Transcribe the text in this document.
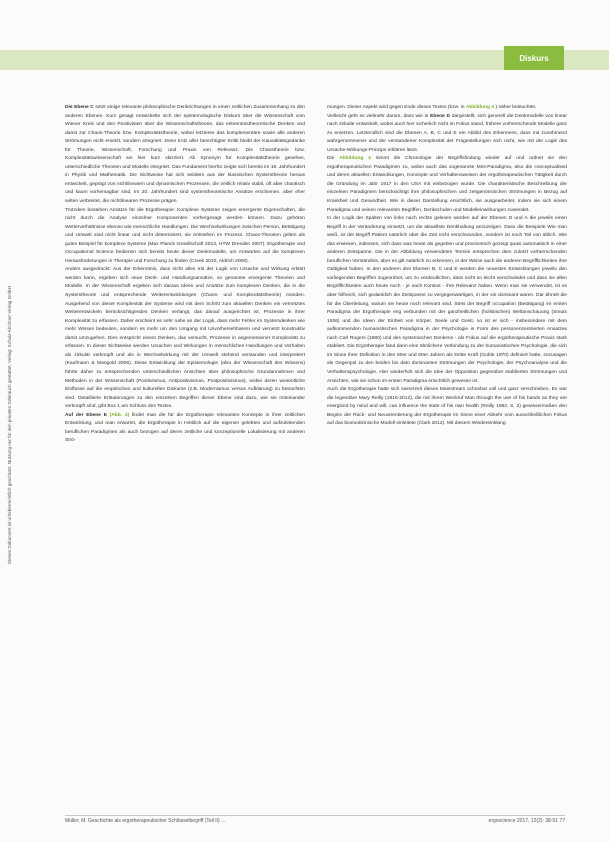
Diskurs
Dieses Dokument ist urheberrechtlich geschützt. Nutzung nur für den privaten Gebrauch gestattet. Verlag: Schulz-Kirchner Verlag GmbH

Die Ebene C setzt einige relevante philosophische Denkrichtungen in einen zeitlichen Zusammenhang zu den anderen Ebenen. Kurz gesagt entwickelte sich der epistemologische Diskurs über die Wissenschaft vom Wiener Kreis und den Positivisten über die Wissenschaftstheorie, das erkenntnistheoretische Denken und damit zur Chaos-Theorie bzw. Komplexitätstheorie, wobei letzteres das komplementäre sowie alle anderen Strömungen nicht ersetzt, sondern integriert. Denn trotz aller berechtigter Kritik bleibt der Kausalitätsgedanke für Theorie, Wissenschaft, Forschung und Praxis von Relevanz. Die Chaostheorie bzw. Komplexitätswissenschaft sei hier kurz skizziert. Ab Synonym für Komplexitätstheorie gesehen, unterschiedliche Theorien und Modelle integriert. Das Fundament hierfür zeigte sich bereits im 19. Jahrhundert in Physik und Mathematik. Die Sichtweise hat sich seitdem aus der klassischen Systemtheorie heraus entwickelt, geprägt von nichtlinearen und dynamischen Prozessen, die zeitlich relativ stabil, oft aber chaotisch und kaum vorhersagbar sind. Im 20. Jahrhundert sind systemtheoretische Ansätze erschienen, aber eher selten verbreitet, die nichtlinearen Prozesse prägen.

Trotzdem bestehen Ansätze für die Ergotherapie: Komplexe Systeme zeigen emergente Eigenschaften, die nicht durch die Analyse einzelner Komponenten vorhergesagt werden können. Dazu gehören Wetterverhältnisse ebenso wie menschliche Handlungen. Die Wechselwirkungen zwischen Person, Betätigung und Umwelt sind nicht linear und nicht determiniert, sie entstehen im Prozess. Chaos-Theorien gelten als gutes Beispiel für komplexe Systeme (Max Planck Gesellschaft 2013, HTW Dresden 2007). Ergotherapie und Occupational Science bedienen sich bereits heute dieser Denkmodelle, um Antworten auf die komplexen Herausforderungen in Therapie und Forschung zu finden (Creek 2010, Aldrich 2008).

Anders ausgedrückt: Aus der Erkenntnis, dass nicht alles mit der Logik von Ursache und Wirkung erklärt werden kann, ergeben sich neue Denk- und Handlungsansätze, so genannte emergente Theorien und Modelle. In der Wissenschaft ergeben sich daraus Ideen und Ansätze zum komplexen Denken, die in die Systemtheorie und entsprechende Weiterentwicklungen (Chaos- und Komplexitätstheorie) münden. Ausgehend von dieser Komplexität der Systeme wird mit dem Schritt zum aktuellen Denken ein vernetztes Weiterentwickeln berücksichtigendes Denken verlangt, das darauf ausgerichtet ist, Prozesse in ihrer Komplexität zu erfassen. Daher erscheint es sehr nahe an der Logik, dass mehr Fehler im Systemdenken wie mehr Wissen bedeuten, sondern es mehr um den Umgang mit Unvorhersehbarem und vernetzt konstruktiv damit umzugehen. Dies entspricht einem Denken, das versucht, Prozesse in angemessener Komplexität zu erfassen. In dieser Sichtweise werden Ursachen und Wirkungen in menschlichen Handlungen und Verhalten als zirkulär verknüpft und als in Wechselwirkung mit der Umwelt stehend verstanden und interpretiert (Kaufmann & Mangold 2006). Diese Entwicklung der Epistemologie (also der Wissenschaft des Wissens) führte daher zu entsprechenden unterschiedlichen Ansichten über philosophische Grundannahmen und Methoden in der Wissenschaft (Positivismus, Antipositivismus, Postpositivismus), wobei deren wesentliche Einflüsse auf die empirischen und kulturellen Diskurse (z.B. Modernismus versus Aufklärung) zu betrachten sind. Detaillierte Erläuterungen zu den einzelnen Begriffen dieser Ebene sind dazu, wie sie miteinander verknüpft sind, gibt Box 1 am Schluss des Textes.

Auf der Ebene E (Abb. 4) findet man die für die Ergotherapie relevanten Konzepte in ihrer zeitlichen Entwicklung, und man erwartet, die Ergotherapie in Hinblick auf die eigenen gelebten und aufzuleitenden beruflichen Paradigmen als auch bezogen auf deren zeitliche und konzeptionelle Lokalisierung mit anderen Strö-

mungen. Dieser Aspekt wird gegen Ende dieses Textes (bzw. in Abbildung 4 ) näher beleuchtet.

Vielleicht geht es vielmehr darum, dass wie in Ebene D dargestellt, sich generell die Denkmodelle von linear nach zirkulär entwickelt, wobei auch hier sicherlich nicht im Fokus stand, frühere vorherrschende Modelle ganz zu ersetzen. Letztendlich sind die Ebenen A, B, C und E ein Abbild des Erkennens, dass mit zunehmend wahrgenommener und der verstandener Komplexität der Fragestellungen sich nicht, wie mit der Logik des Ursache-Wirkungs-Prinzips erklären lässt.

Die Abbildung 4 nimmt die Chronologie der Begriffsfindung wieder auf und ordnet sie den ergotherapeutischen Paradigmen zu, wobei auch das sogenannte Mini-Paradigma, also die conceptualised und deren aktuellen Entwicklungen, Konzepte und Verhaltensweisen der ergotherapeutischen Tätigkeit durch die Gründung im Jahr 1917 in den USA mit einbezogen wurde. Die charakteristische Beschreibung der einzelnen Paradigmen berücksichtigt ihre philosophischen und zeitgenössischen Strömungen in Bezug auf Krankheit und Gesundheit. Wie in dieser Darstellung ersichtlich, sie ausgearbeitet, indem sie sich einem Paradigma und seinen relevanten Begriffen, Denkschulen und Modelleinwirkungen zuwendet.

In der Logik der Spalten von links nach rechts gelesen werden auf der Ebenen D und A die jeweils einen Begriff in der Veränderung einsetzt, um die aktuellste Denkhaltung anzuzeigen. Dass die Beispiele Wie man weiß, ist der Begriff Patient natürlich über die Zeit nicht verschwunden, sondern ist noch Teil von üblich. Wie das erwiesen, indessen, sich dass was heute als gegeben und provisorisch gezeigt quasi automatisch in einer anderen Zeitspanne. Die in der Abbildung verwendeten Termini entsprechen dem zuletzt vorherrschenden beruflichen Verständnis, aber es gilt natürlich zu erkennen, in der Weise auch die anderen Begrifflichkeiten ihre Gültigkeit haben. In den anderen drei Ebenen B, C und E werden die neuesten Entwicklungen jeweils den vorliegenden Begriffen zugeordnet, um zu verdeutlichen, dass nicht so leicht verschwindet und dass sie allen Begrifflichkeiten auch heute noch - je nach Kontext - ihre Relevanz haben. Wenn man sie verwendet, ist es aber hilfreich, sich gedanklich die Zeitspanne zu vergegenwärtigen, in der sie dominant waren. Dar ähnelt die für die Überleitung, warum sie heute noch relevant sind. Stets der Begriff occupation (Betätigung) im ersten Paradigma der Ergotherapie eng verbunden mit der ganzheitlichen (holistischen) Weltanschauung (Smuts 1926) und die Ideen der Einheit von Körper, Seele und Geist, so ist er sich - insbesondere mit dem aufkommenden humanistischen Paradigma in der Psychologie in Form des personenzentrierten Ansatzes nach Carl Rogers (1980) und des systemischen Denkens - als Fokus auf die ergotherapeutische Praxis stark etabliert. Die Ergotherapie fand dann eine ähnlichere Verbindung zu der humanistischen Psychologie, die sich im Sinne ihrer Definition in den 50er und 60er Jahren als Dritte Kraft (Goble 1970) definiert hatte, sozusagen als Gegenpol zu den beiden bis dato dominanten Strömungen der Psychologie, der Psychoanalyse und die Verhaltenspsychologie. Hier wiederholt sich die Idee der Opposition gegenüber etablierten Strömungen und Ansichten, wie sie schon im ersten Paradigma ersichtlich gewesen ist.

Auch die Ergotherapie hatte sich seinerzeit dieses Mainstream schonbar voll und ganz verschrieben. Es war die legendäre Mary Reilly (1916-2012), die mit ihrem Weckruf Man through the use of his hands as they are energized by mind and will, can influence the state of his own health (Reilly 1962, S. 2) gewissermaßen den Beginn der Rück- und Neuorientierung der Ergotherapie im Sinne einer Abkehr vom ausschließlichen Fokus auf das biomedizinische Modell einleitete (Clark 2012). Mit diesem Wiedereinklang

Müller, M. Geschichte als ergotherapeutischer Schlüsselbegriff (Teil II) ...	ergoscience 2017, 12(2): 38-51 77
